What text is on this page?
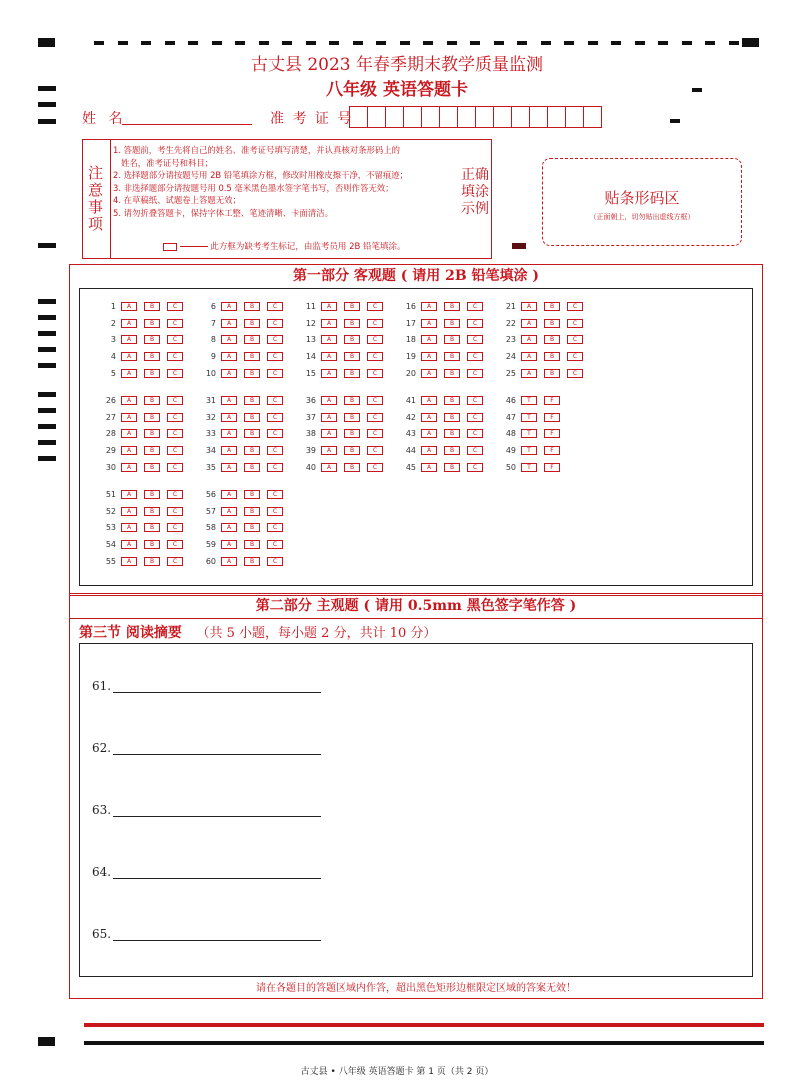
古丈县 2023 年春季期末教学质量监测
八年级 英语答题卡
姓 名	准 考 证 号
注意事项
1. 答题前，考生先将自己的姓名、准考证号填写清楚，并认真核对条形码上的
姓名，准考证号和科目；
2. 选择题部分请按题号用 2B 铅笔填涂方框，修改时用橡皮擦干净，不留痕迹；
3. 非选择题部分请按题号用 0.5 毫米黑色墨水签字笔书写，否则作答无效；
4. 在草稿纸、试题卷上答题无效；
5. 请勿折叠答题卡，保持字体工整、笔迹清晰、卡面清洁。
此方框为缺考考生标记，由监考员用 2B 铅笔填涂。
正确填涂示例
贴条形码区
（正面朝上，切勿贴出虚线方框）
第一部分 客观题 ( 请用 2B 铅笔填涂 )
1	A	B	C
2	A	B	C
3	A	B	C
4	A	B	C
5	A	B	C
6	A	B	C
7	A	B	C
8	A	B	C
9	A	B	C
10	A	B	C
11	A	B	C
12	A	B	C
13	A	B	C
14	A	B	C
15	A	B	C
16	A	B	C
17	A	B	C
18	A	B	C
19	A	B	C
20	A	B	C
21	A	B	C
22	A	B	C
23	A	B	C
24	A	B	C
25	A	B	C
26	A	B	C
27	A	B	C
28	A	B	C
29	A	B	C
30	A	B	C
31	A	B	C
32	A	B	C
33	A	B	C
34	A	B	C
35	A	B	C
36	A	B	C
37	A	B	C
38	A	B	C
39	A	B	C
40	A	B	C
41	A	B	C
42	A	B	C
43	A	B	C
44	A	B	C
45	A	B	C
46	T	F
47	T	F
48	T	F
49	T	F
50	T	F
51	A	B	C
52	A	B	C
53	A	B	C
54	A	B	C
55	A	B	C
56	A	B	C
57	A	B	C
58	A	B	C
59	A	B	C
60	A	B	C
第二部分 主观题 ( 请用 0.5mm 黑色签字笔作答 )
第三节 阅读摘要 （共 5 小题，每小题 2 分，共计 10 分）
61.
62.
63.
64.
65.
请在各题目的答题区域内作答，超出黑色矩形边框限定区域的答案无效！
古丈县 • 八年级 英语答题卡 第 1 页（共 2 页）
